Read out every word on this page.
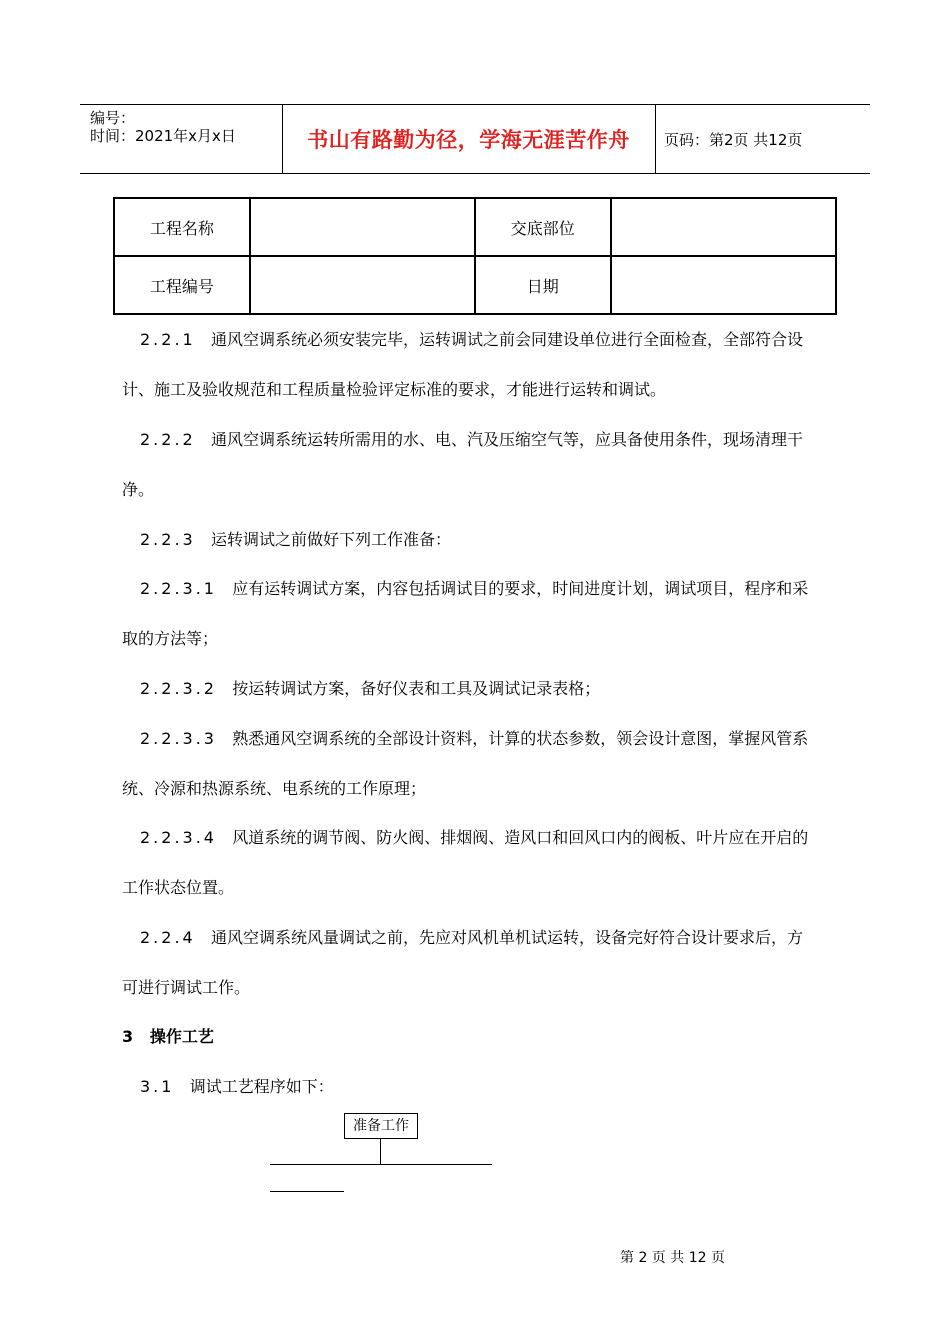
编号：
时间：2021年x月x日	书山有路勤为径，学海无涯苦作舟	页码：第2页 共12页
工程名称		交底部位	
工程编号		日期	
2.2.1 通风空调系统必须安装完毕，运转调试之前会同建设单位进行全面检查，全部符合设
计、施工及验收规范和工程质量检验评定标准的要求，才能进行运转和调试。
2.2.2 通风空调系统运转所需用的水、电、汽及压缩空气等，应具备使用条件，现场清理干
净。
2.2.3 运转调试之前做好下列工作准备：
2.2.3.1 应有运转调试方案，内容包括调试目的要求，时间进度计划，调试项目，程序和采
取的方法等；
2.2.3.2 按运转调试方案，备好仪表和工具及调试记录表格；
2.2.3.3 熟悉通风空调系统的全部设计资料，计算的状态参数，领会设计意图，掌握风管系
统、冷源和热源系统、电系统的工作原理；
2.2.3.4 风道系统的调节阀、防火阀、排烟阀、造风口和回风口内的阀板、叶片应在开启的
工作状态位置。
2.2.4 通风空调系统风量调试之前，先应对风机单机试运转，设备完好符合设计要求后，方
可进行调试工作。
3 操作工艺
3.1 调试工艺程序如下：
准备工作
第 2 页 共 12 页
